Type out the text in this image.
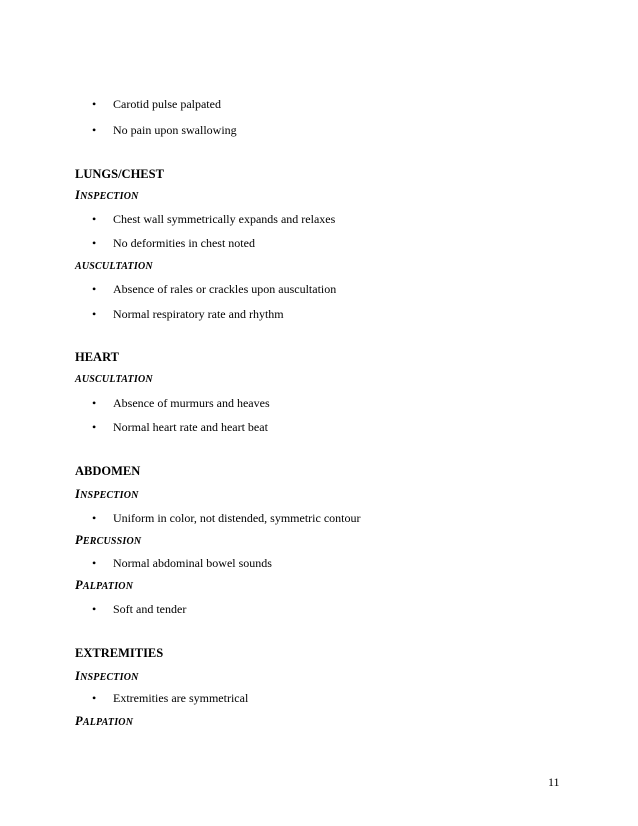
• Carotid pulse palpated
• No pain upon swallowing
LUNGS/CHEST
INSPECTION
• Chest wall symmetrically expands and relaxes
• No deformities in chest noted
AUSCULTATION
• Absence of rales or crackles upon auscultation
• Normal respiratory rate and rhythm
HEART
AUSCULTATION
• Absence of murmurs and heaves
• Normal heart rate and heart beat
ABDOMEN
INSPECTION
• Uniform in color, not distended, symmetric contour
PERCUSSION
• Normal abdominal bowel sounds
PALPATION
• Soft and tender
EXTREMITIES
INSPECTION
• Extremities are symmetrical
PALPATION
11
